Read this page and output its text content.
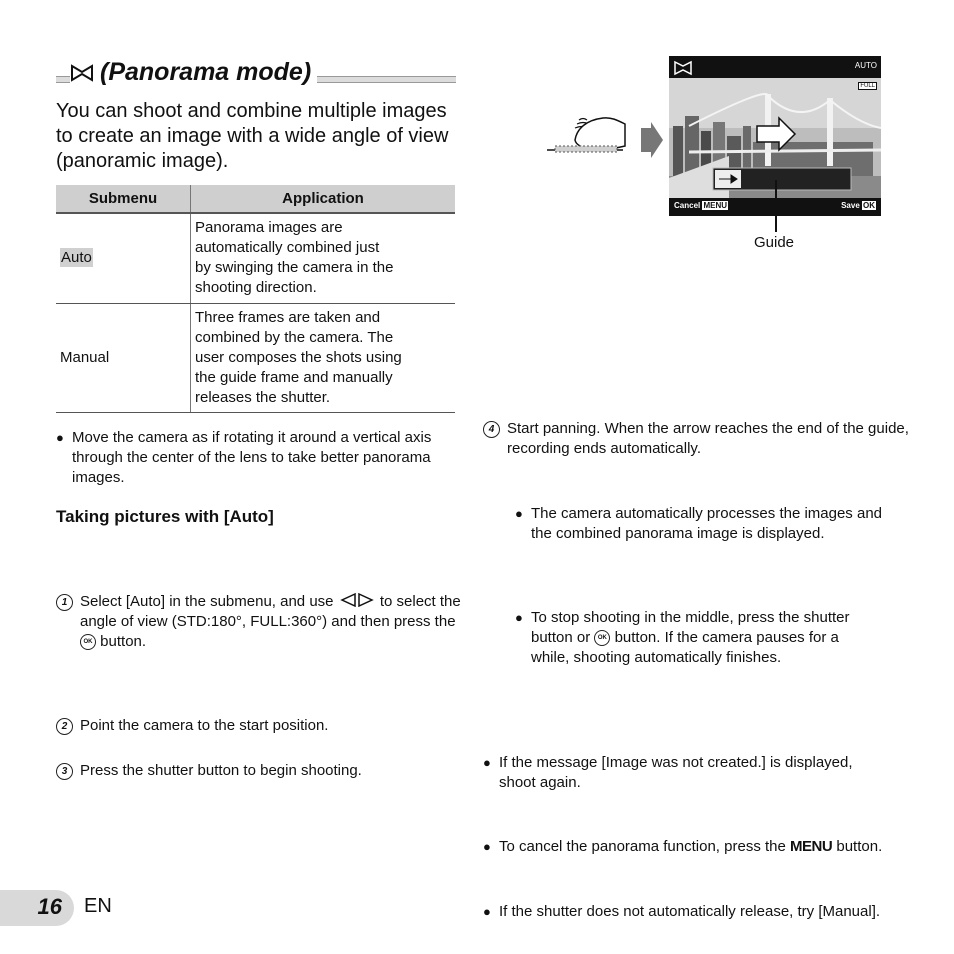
(Panorama mode)
You can shoot and combine multiple images to create an image with a wide angle of view (panoramic image).
Submenu	Application
Auto	Panorama images are
automatically combined just
by swinging the camera in the
shooting direction.

Manual	Three frames are taken and
combined by the camera. The
user composes the shots using
the guide frame and manually
releases the shutter.
● Move the camera as if rotating it around a vertical axis through the center of the lens to take better panorama images.
Taking pictures with [Auto]
1 Select [Auto] in the submenu, and use	to select the angle of view (STD:180°, FULL:360°) and then press the OK button.
2 Point the camera to the start position.
3 Press the shutter button to begin shooting.
AUTO
FULL
Cancel MENU	Save OK
Guide
4 Start panning. When the arrow reaches the end of the guide, recording ends automatically.
● The camera automatically processes the images and the combined panorama image is displayed.
● To stop shooting in the middle, press the shutter button or OK button. If the camera pauses for a while, shooting automatically finishes.
● If the message [Image was not created.] is displayed, shoot again.
● To cancel the panorama function, press the MENU button.
● If the shutter does not automatically release, try [Manual].
16 EN
